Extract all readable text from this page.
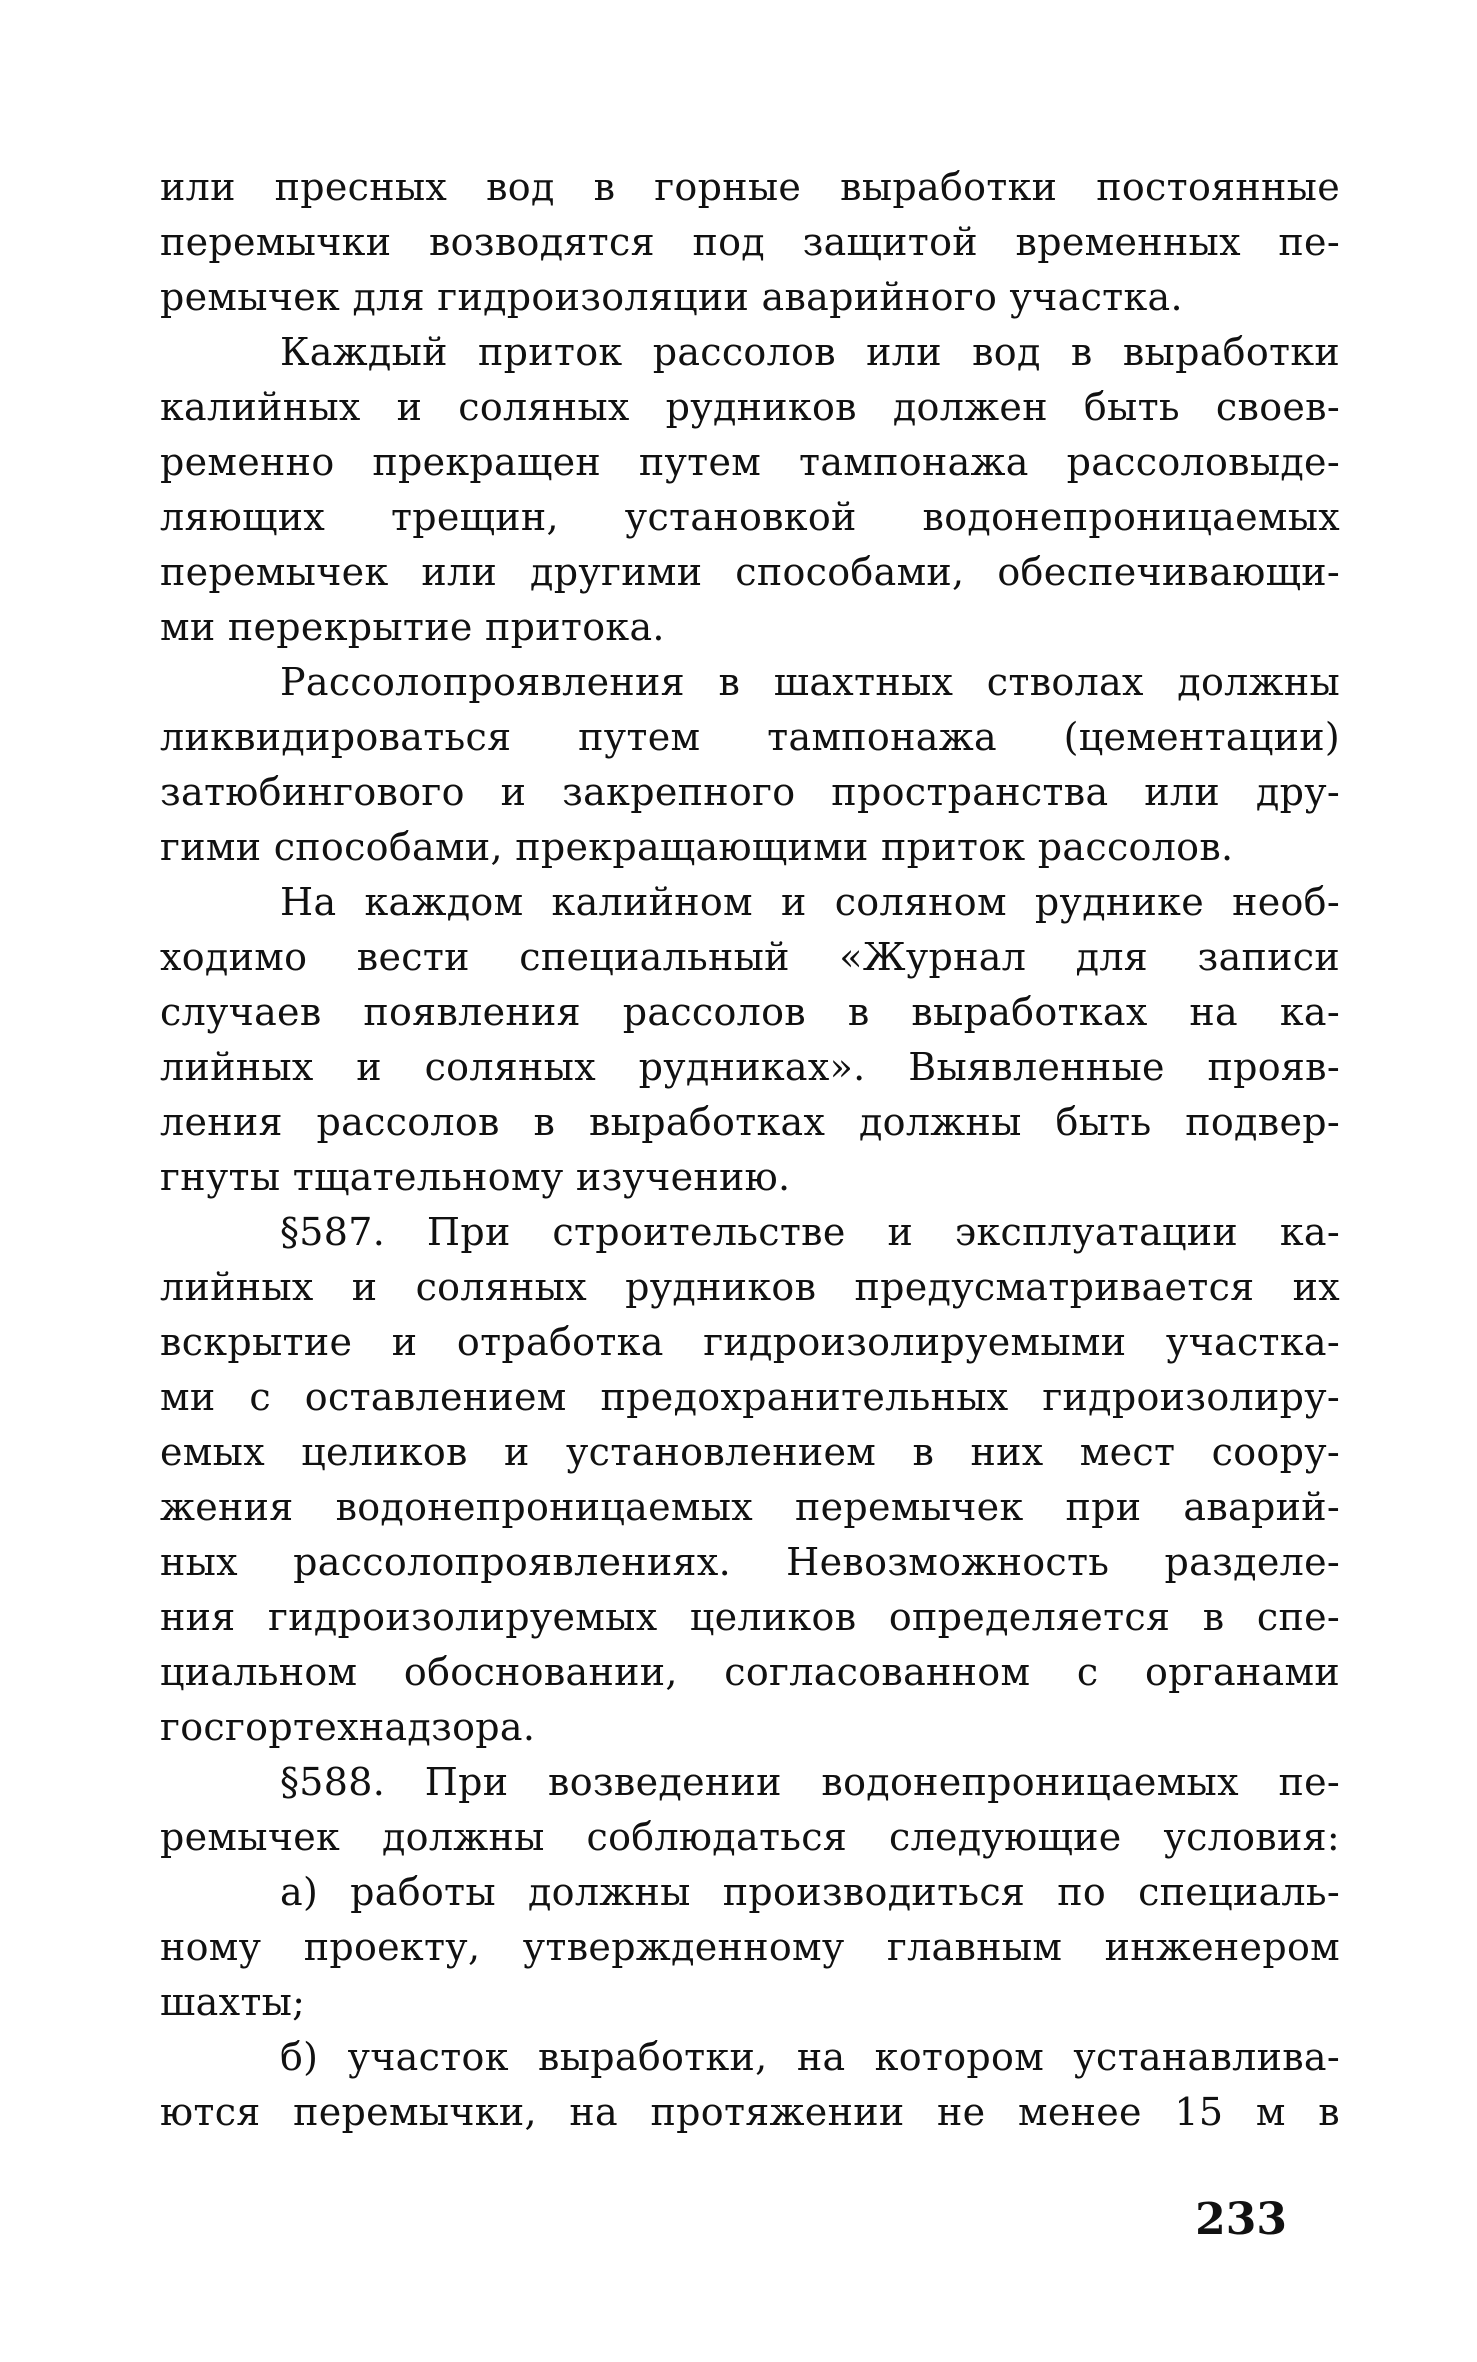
или пресных вод в горные выработки постоянные
перемычки возводятся под защитой временных пе-
ремычек для гидроизоляции аварийного участка.
Каждый приток рассолов или вод в выработки
калийных и соляных рудников должен быть своев-
ременно прекращен путем тампонажа рассоловыде-
ляющих трещин, установкой водонепроницаемых
перемычек или другими способами, обеспечивающи-
ми перекрытие притока.
Рассолопроявления в шахтных стволах должны
ликвидироваться путем тампонажа (цементации)
затюбингового и закрепного пространства или дру-
гими способами, прекращающими приток рассолов.
На каждом калийном и соляном руднике необ-
ходимо вести специальный «Журнал для записи
случаев появления рассолов в выработках на ка-
лийных и соляных рудниках». Выявленные прояв-
ления рассолов в выработках должны быть подвер-
гнуты тщательному изучению.
§587. При строительстве и эксплуатации ка-
лийных и соляных рудников предусматривается их
вскрытие и отработка гидроизолируемыми участка-
ми с оставлением предохранительных гидроизолиру-
емых целиков и установлением в них мест соору-
жения водонепроницаемых перемычек при аварий-
ных рассолопроявлениях. Невозможность разделе-
ния гидроизолируемых целиков определяется в спе-
циальном обосновании, согласованном с органами
госгортехнадзора.
§588. При возведении водонепроницаемых пе-
ремычек должны соблюдаться следующие условия:
а) работы должны производиться по специаль-
ному проекту, утвержденному главным инженером
шахты;
б) участок выработки, на котором устанавлива-
ются перемычки, на протяжении не менее 15 м в
233
